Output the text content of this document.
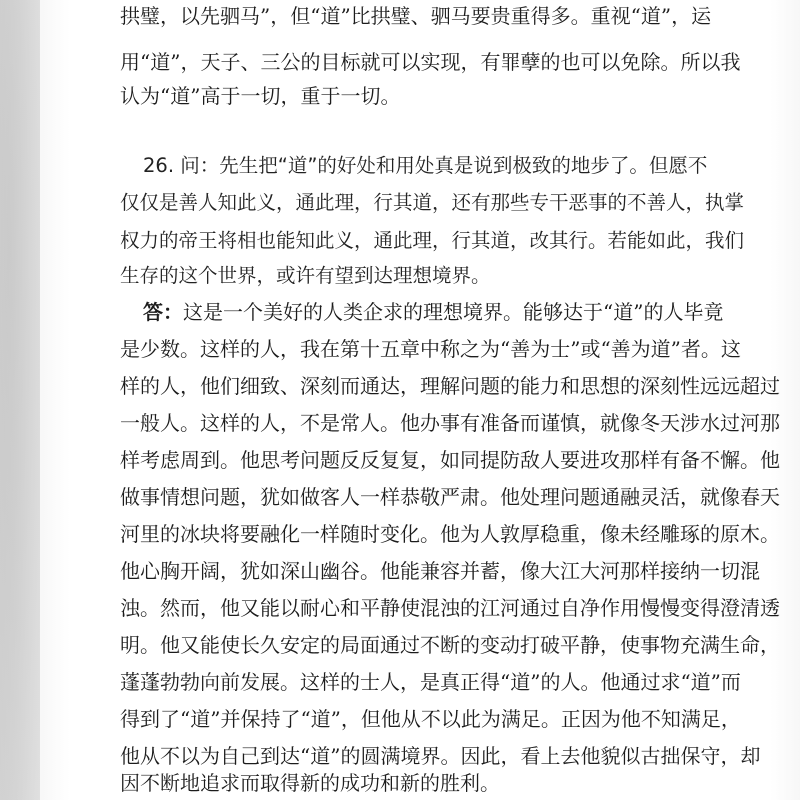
拱璧，以先驷马”，但“道”比拱璧、驷马要贵重得多。重视“道”，运
用“道”，天子、三公的目标就可以实现，有罪孽的也可以免除。所以我
认为“道”高于一切，重于一切。
26. 问：先生把“道”的好处和用处真是说到极致的地步了。但愿不
仅仅是善人知此义，通此理，行其道，还有那些专干恶事的不善人，执掌
权力的帝王将相也能知此义，通此理，行其道，改其行。若能如此，我们
生存的这个世界，或许有望到达理想境界。
答：这是一个美好的人类企求的理想境界。能够达于“道”的人毕竟
是少数。这样的人，我在第十五章中称之为“善为士”或“善为道”者。这
样的人，他们细致、深刻而通达，理解问题的能力和思想的深刻性远远超过
一般人。这样的人，不是常人。他办事有准备而谨慎，就像冬天涉水过河那
样考虑周到。他思考问题反反复复，如同提防敌人要进攻那样有备不懈。他
做事情想问题，犹如做客人一样恭敬严肃。他处理问题通融灵活，就像春天
河里的冰块将要融化一样随时变化。他为人敦厚稳重，像未经雕琢的原木。
他心胸开阔，犹如深山幽谷。他能兼容并蓄，像大江大河那样接纳一切混
浊。然而，他又能以耐心和平静使混浊的江河通过自净作用慢慢变得澄清透
明。他又能使长久安定的局面通过不断的变动打破平静，使事物充满生命，
蓬蓬勃勃向前发展。这样的士人，是真正得“道”的人。他通过求“道”而
得到了“道”并保持了“道”，但他从不以此为满足。正因为他不知满足，
他从不以为自己到达“道”的圆满境界。因此，看上去他貌似古拙保守，却
因不断地追求而取得新的成功和新的胜利。
